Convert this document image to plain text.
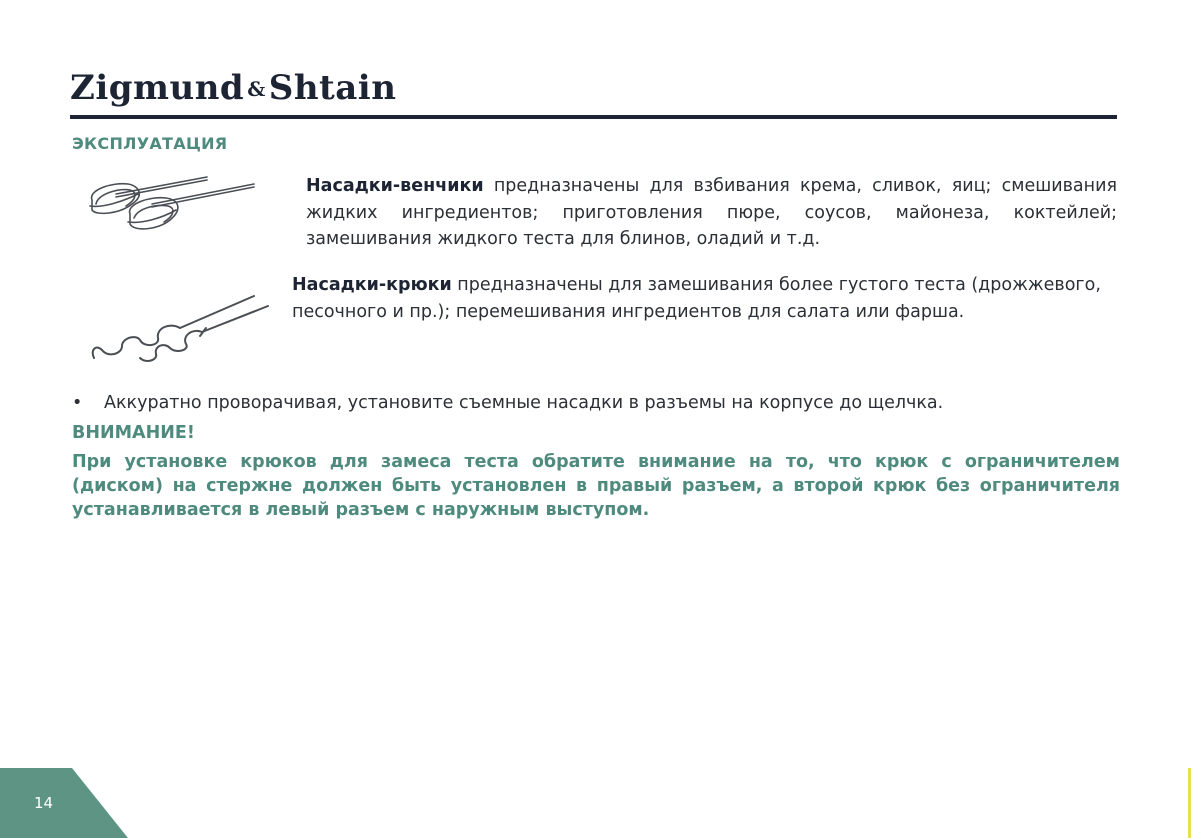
Zigmund &Shtain
ЭКСПЛУАТАЦИЯ
Насадки-венчики предназначены для взбивания крема, сливок, яиц; смешивания жидких ингредиентов; приготовления пюре, соусов, майонеза, коктейлей; замешивания жидкого теста для блинов, оладий и т.д.
Насадки-крюки предназначены для замешивания более густого теста (дрожжевого, песочного и пр.); перемешивания ингредиентов для салата или фарша.
• Аккуратно проворачивая, установите съемные насадки в разъемы на корпусе до щелчка.
ВНИМАНИЕ!
При установке крюков для замеса теста обратите внимание на то, что крюк с ограничителем (диском) на стержне должен быть установлен в правый разъем, а второй крюк без ограничителя устанавливается в левый разъем с наружным выступом.
14
